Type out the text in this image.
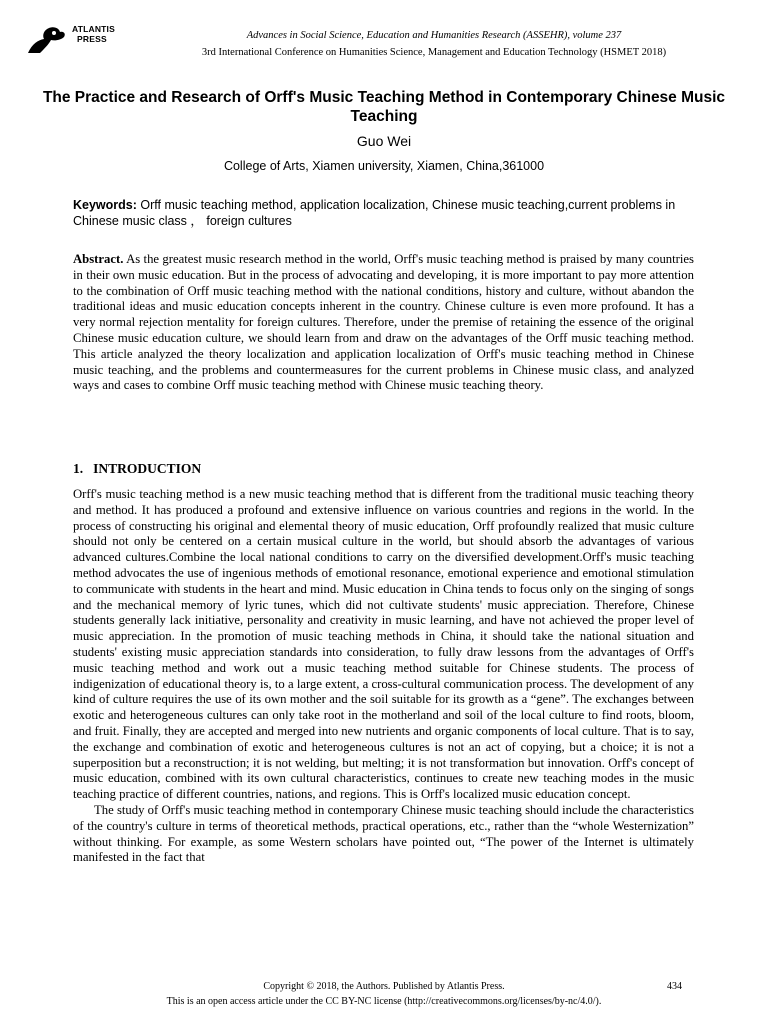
ATLANTIS
PRESS	Advances in Social Science, Education and Humanities Research (ASSEHR), volume 237
3rd International Conference on Humanities Science, Management and Education Technology (HSMET 2018)
The Practice and Research of Orff's Music Teaching Method in Contemporary Chinese Music Teaching
Guo Wei
College of Arts, Xiamen university, Xiamen, China,361000
Keywords: Orff music teaching method, application localization, Chinese music teaching,current problems in Chinese music class ， foreign cultures

Abstract. As the greatest music research method in the world, Orff's music teaching method is praised by many countries in their own music education. But in the process of advocating and developing, it is more important to pay more attention to the combination of Orff music teaching method with the national conditions, history and culture, without abandon the traditional ideas and music education concepts inherent in the country. Chinese culture is even more profound. It has a very normal rejection mentality for foreign cultures. Therefore, under the premise of retaining the essence of the original Chinese music education culture, we should learn from and draw on the advantages of the Orff music teaching method. This article analyzed the theory localization and application localization of Orff's music teaching method in Chinese music teaching, and the problems and countermeasures for the current problems in Chinese music class, and analyzed ways and cases to combine Orff music teaching method with Chinese music teaching theory.

1. INTRODUCTION

Orff's music teaching method is a new music teaching method that is different from the traditional music teaching theory and method. It has produced a profound and extensive influence on various countries and regions in the world. In the process of constructing his original and elemental theory of music education, Orff profoundly realized that music culture should not only be centered on a certain musical culture in the world, but should absorb the advantages of various advanced cultures.Combine the local national conditions to carry on the diversified development.Orff's music teaching method advocates the use of ingenious methods of emotional resonance, emotional experience and emotional stimulation to communicate with students in the heart and mind. Music education in China tends to focus only on the singing of songs and the mechanical memory of lyric tunes, which did not cultivate students' music appreciation. Therefore, Chinese students generally lack initiative, personality and creativity in music learning, and have not achieved the proper level of music appreciation. In the promotion of music teaching methods in China, it should take the national situation and students' existing music appreciation standards into consideration, to fully draw lessons from the advantages of Orff's music teaching method and work out a music teaching method suitable for Chinese students. The process of indigenization of educational theory is, to a large extent, a cross-cultural communication process. The development of any kind of culture requires the use of its own mother and the soil suitable for its growth as a “gene”. The exchanges between exotic and heterogeneous cultures can only take root in the motherland and soil of the local culture to find roots, bloom, and fruit. Finally, they are accepted and merged into new nutrients and organic components of local culture. That is to say, the exchange and combination of exotic and heterogeneous cultures is not an act of copying, but a choice; it is not a superposition but a reconstruction; it is not welding, but melting; it is not transformation but innovation. Orff's concept of music education, combined with its own cultural characteristics, continues to create new teaching modes in the music teaching practice of different countries, nations, and regions. This is Orff's localized music education concept.

The study of Orff's music teaching method in contemporary Chinese music teaching should include the characteristics of the country's culture in terms of theoretical methods, practical operations, etc., rather than the “whole Westernization” without thinking. For example, as some Western scholars have pointed out, “The power of the Internet is ultimately manifested in the fact that

Copyright © 2018, the Authors. Published by Atlantis Press.	434
This is an open access article under the CC BY-NC license (http://creativecommons.org/licenses/by-nc/4.0/).
